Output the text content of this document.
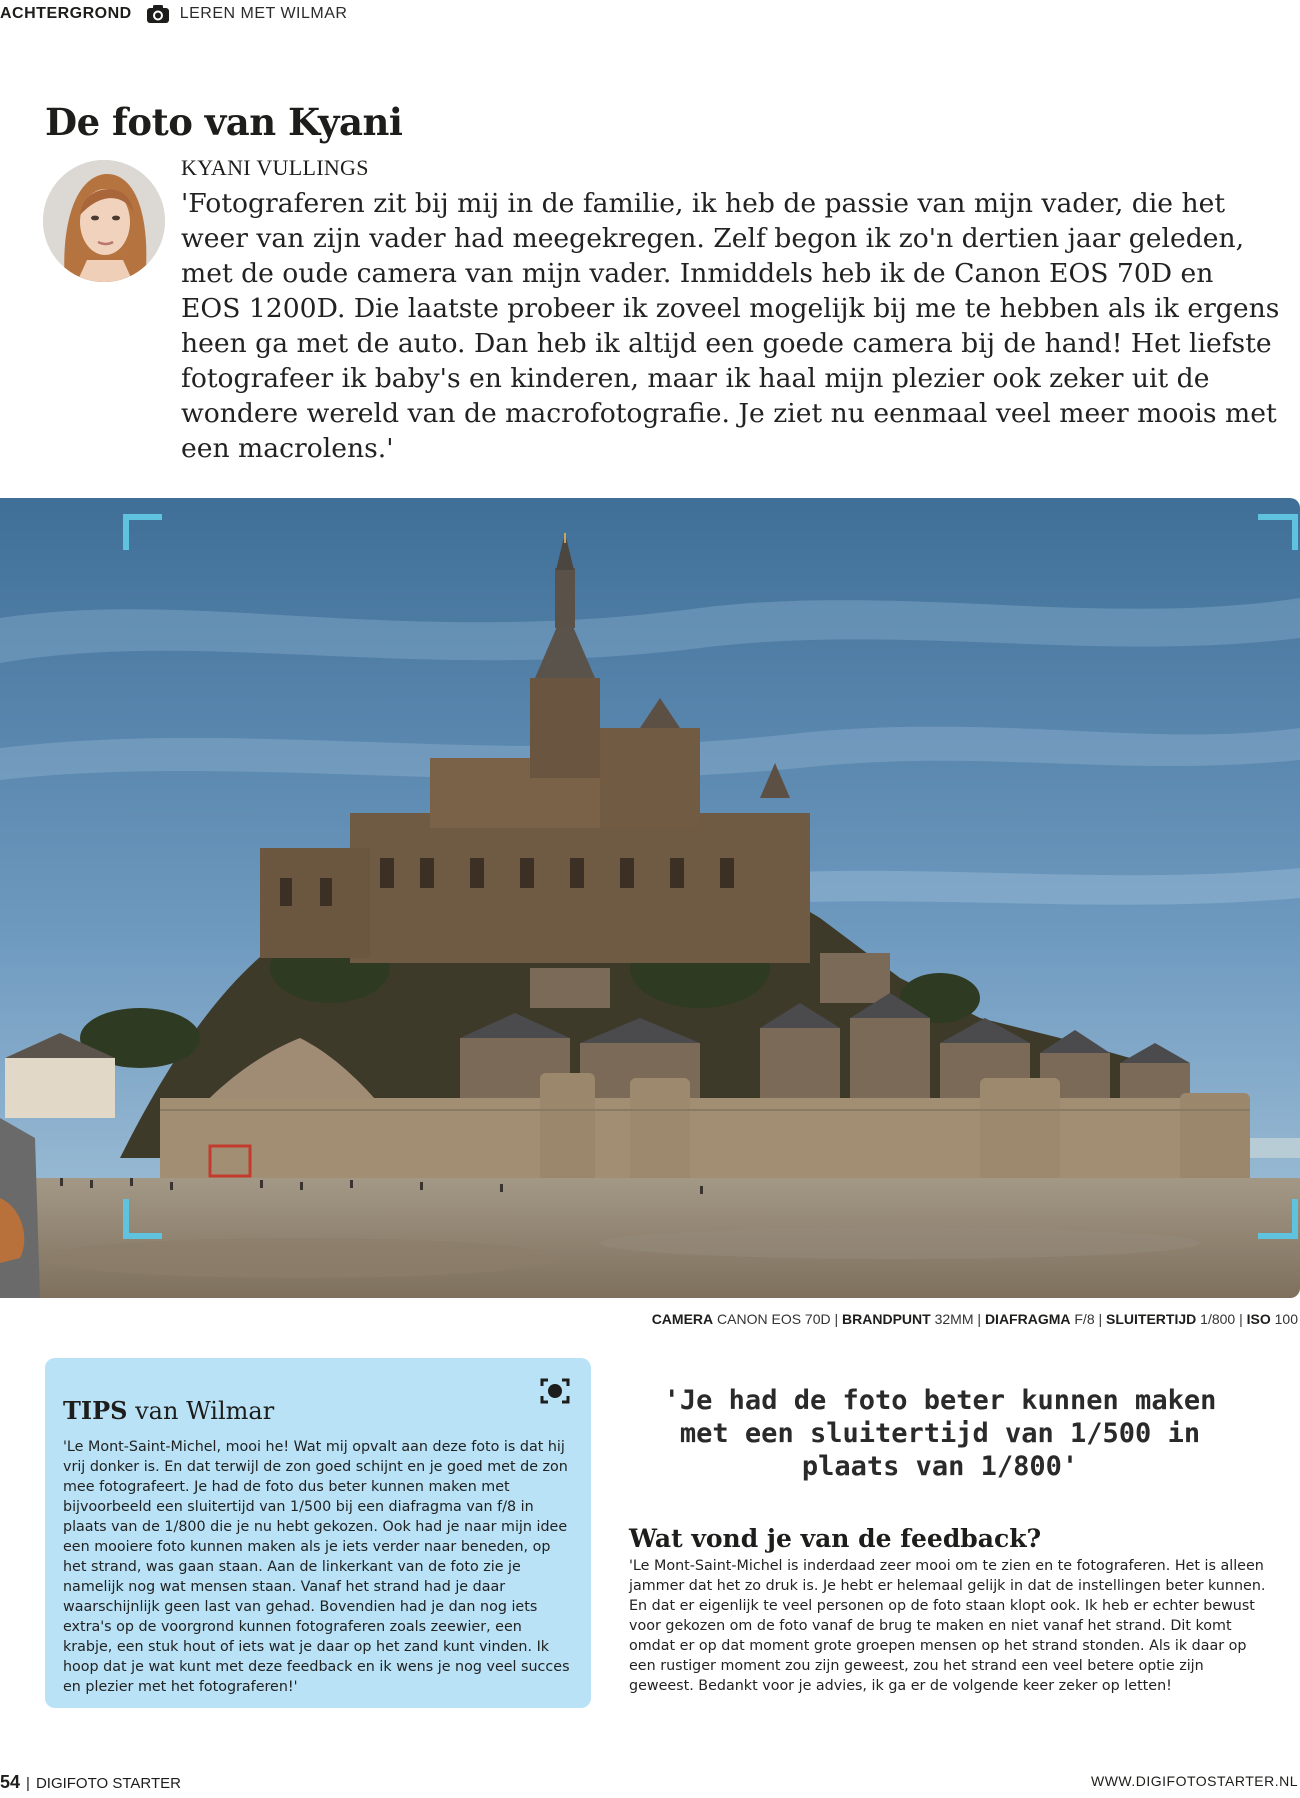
ACHTERGROND	LEREN MET WILMAR
De foto van Kyani
KYANI VULLINGS

'Fotograferen zit bij mij in de familie, ik heb de passie van mijn vader, die het weer van zijn vader had meegekregen. Zelf begon ik zo'n dertien jaar geleden, met de oude camera van mijn vader. Inmiddels heb ik de Canon EOS 70D en EOS 1200D. Die laatste probeer ik zoveel mogelijk bij me te hebben als ik ergens heen ga met de auto. Dan heb ik altijd een goede camera bij de hand! Het liefste fotografeer ik baby's en kinderen, maar ik haal mijn plezier ook zeker uit de wondere wereld van de macrofotografie. Je ziet nu eenmaal veel meer moois met een macrolens.'

CAMERA CANON EOS 70D | BRANDPUNT 32MM | DIAFRAGMA F/8 | SLUITERTIJD 1/800 | ISO 100
TIPS van Wilmar

'Le Mont-Saint-Michel, mooi he! Wat mij opvalt aan deze foto is dat hij vrij donker is. En dat terwijl de zon goed schijnt en je goed met de zon mee fotografeert. Je had de foto dus beter kunnen maken met bijvoorbeeld een sluitertijd van 1/500 bij een diafragma van f/8 in plaats van de 1/800 die je nu hebt gekozen. Ook had je naar mijn idee een mooiere foto kunnen maken als je iets verder naar beneden, op het strand, was gaan staan. Aan de linkerkant van de foto zie je namelijk nog wat mensen staan. Vanaf het strand had je daar waarschijnlijk geen last van gehad. Bovendien had je dan nog iets extra's op de voorgrond kunnen fotograferen zoals zeewier, een krabje, een stuk hout of iets wat je daar op het zand kunt vinden. Ik hoop dat je wat kunt met deze feedback en ik wens je nog veel succes en plezier met het fotograferen!'

'Je had de foto beter kunnen maken met een sluitertijd van 1/500 in plaats van 1/800'

Wat vond je van de feedback?

'Le Mont-Saint-Michel is inderdaad zeer mooi om te zien en te fotograferen. Het is alleen jammer dat het zo druk is. Je hebt er helemaal gelijk in dat de instellingen beter kunnen. En dat er eigenlijk te veel personen op de foto staan klopt ook. Ik heb er echter bewust voor gekozen om de foto vanaf de brug te maken en niet vanaf het strand. Dit komt omdat er op dat moment grote groepen mensen op het strand stonden. Als ik daar op een rustiger moment zou zijn geweest, zou het strand een veel betere optie zijn geweest. Bedankt voor je advies, ik ga er de volgende keer zeker op letten!

54 | DIGIFOTO STARTER	WWW.DIGIFOTOSTARTER.NL
